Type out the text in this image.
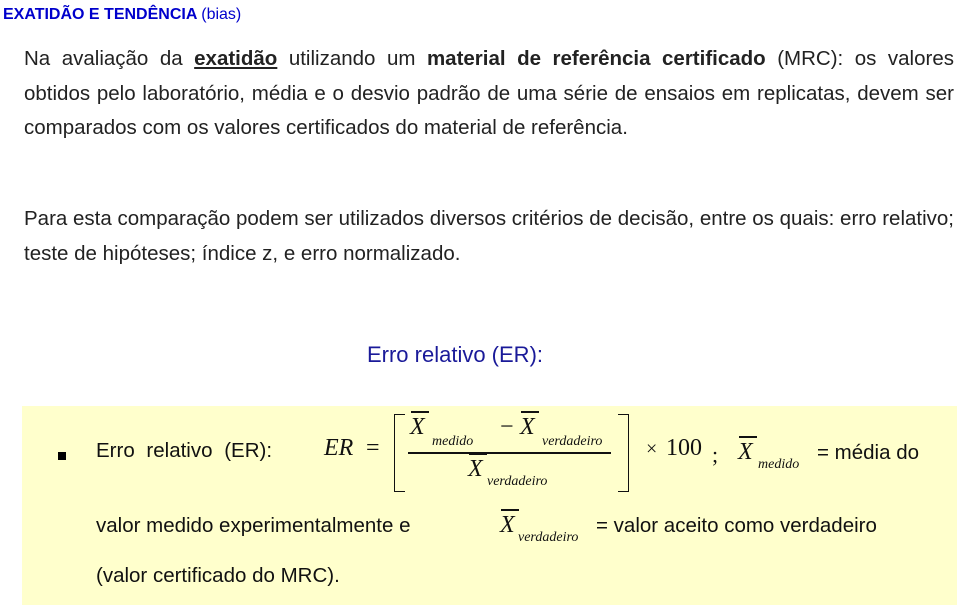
EXATIDÃO E TENDÊNCIA (bias)
Na avaliação da exatidão utilizando um material de referência certificado (MRC): os valores obtidos pelo laboratório, média e o desvio padrão de uma série de ensaios em replicatas, devem ser comparados com os valores certificados do material de referência.
Para esta comparação podem ser utilizados diversos critérios de decisão, entre os quais: erro relativo; teste de hipóteses; índice z, e erro normalizado.
Erro relativo (ER):
Erro relativo (ER): ER =
X
medido
− X
verdadeiro
X verdadeiro
× 100 ; X medido
= média do
valor medido experimentalmente e	X verdadeiro
= valor aceito como verdadeiro
(valor certificado do MRC).
